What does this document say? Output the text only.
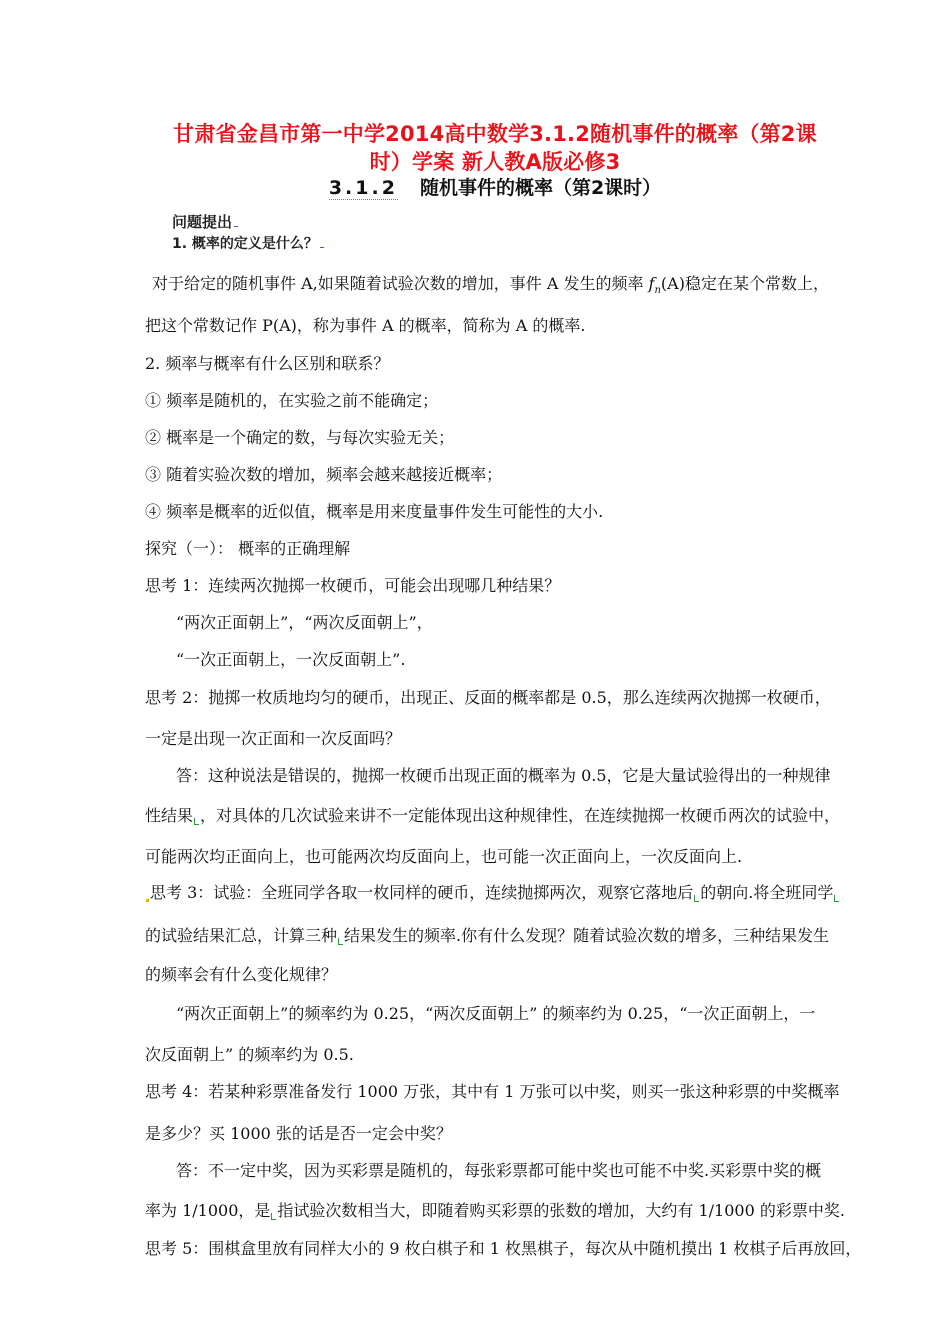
甘肃省金昌市第一中学2014高中数学3.1.2随机事件的概率（第2课
时）学案 新人教A版必修3
3.1.2 随机事件的概率（第2课时）
问题提出
1. 概率的定义是什么？
对于给定的随机事件 A,如果随着试验次数的增加，事件 A 发生的频率 $f_n(A)$稳定在某个常数上，
把这个常数记作 P(A)，称为事件 A 的概率，简称为 A 的概率.
2. 频率与概率有什么区别和联系？
① 频率是随机的，在实验之前不能确定；
② 概率是一个确定的数，与每次实验无关；
③ 随着实验次数的增加，频率会越来越接近概率；
④ 频率是概率的近似值，概率是用来度量事件发生可能性的大小.
探究（一）： 概率的正确理解
思考 1：连续两次抛掷一枚硬币，可能会出现哪几种结果？
“两次正面朝上”，“两次反面朝上”，
“一次正面朝上，一次反面朝上”.
思考 2：抛掷一枚质地均匀的硬币，出现正、反面的概率都是 0.5，那么连续两次抛掷一枚硬币，
一定是出现一次正面和一次反面吗？
答：这种说法是错误的，抛掷一枚硬币出现正面的概率为 0.5，它是大量试验得出的一种规律
性结果 ，对具体的几次试验来讲不一定能体现出这种规律性，在连续抛掷一枚硬币两次的试验中，
可能两次均正面向上，也可能两次均反面向上，也可能一次正面向上，一次反面向上.
思考 3：试验：全班同学各取一枚同样的硬币，连续抛掷两次，观察它落地后 的朝向.将全班同学
的试验结果汇总，计算三种 结果发生的频率.你有什么发现？随着试验次数的增多，三种结果发生
的频率会有什么变化规律？
“两次正面朝上”的频率约为 0.25，“两次反面朝上” 的频率约为 0.25，“一次正面朝上，一
次反面朝上” 的频率约为 0.5.
思考 4：若某种彩票准备发行 1000 万张，其中有 1 万张可以中奖，则买一张这种彩票的中奖概率
是多少？买 1000 张的话是否一定会中奖？
答：不一定中奖，因为买彩票是随机的，每张彩票都可能中奖也可能不中奖.买彩票中奖的概
率为 1/1000，是 指试验次数相当大，即随着购买彩票的张数的增加，大约有 1/1000 的彩票中奖.
思考 5：围棋盒里放有同样大小的 9 枚白棋子和 1 枚黑棋子，每次从中随机摸出 1 枚棋子后再放回，
